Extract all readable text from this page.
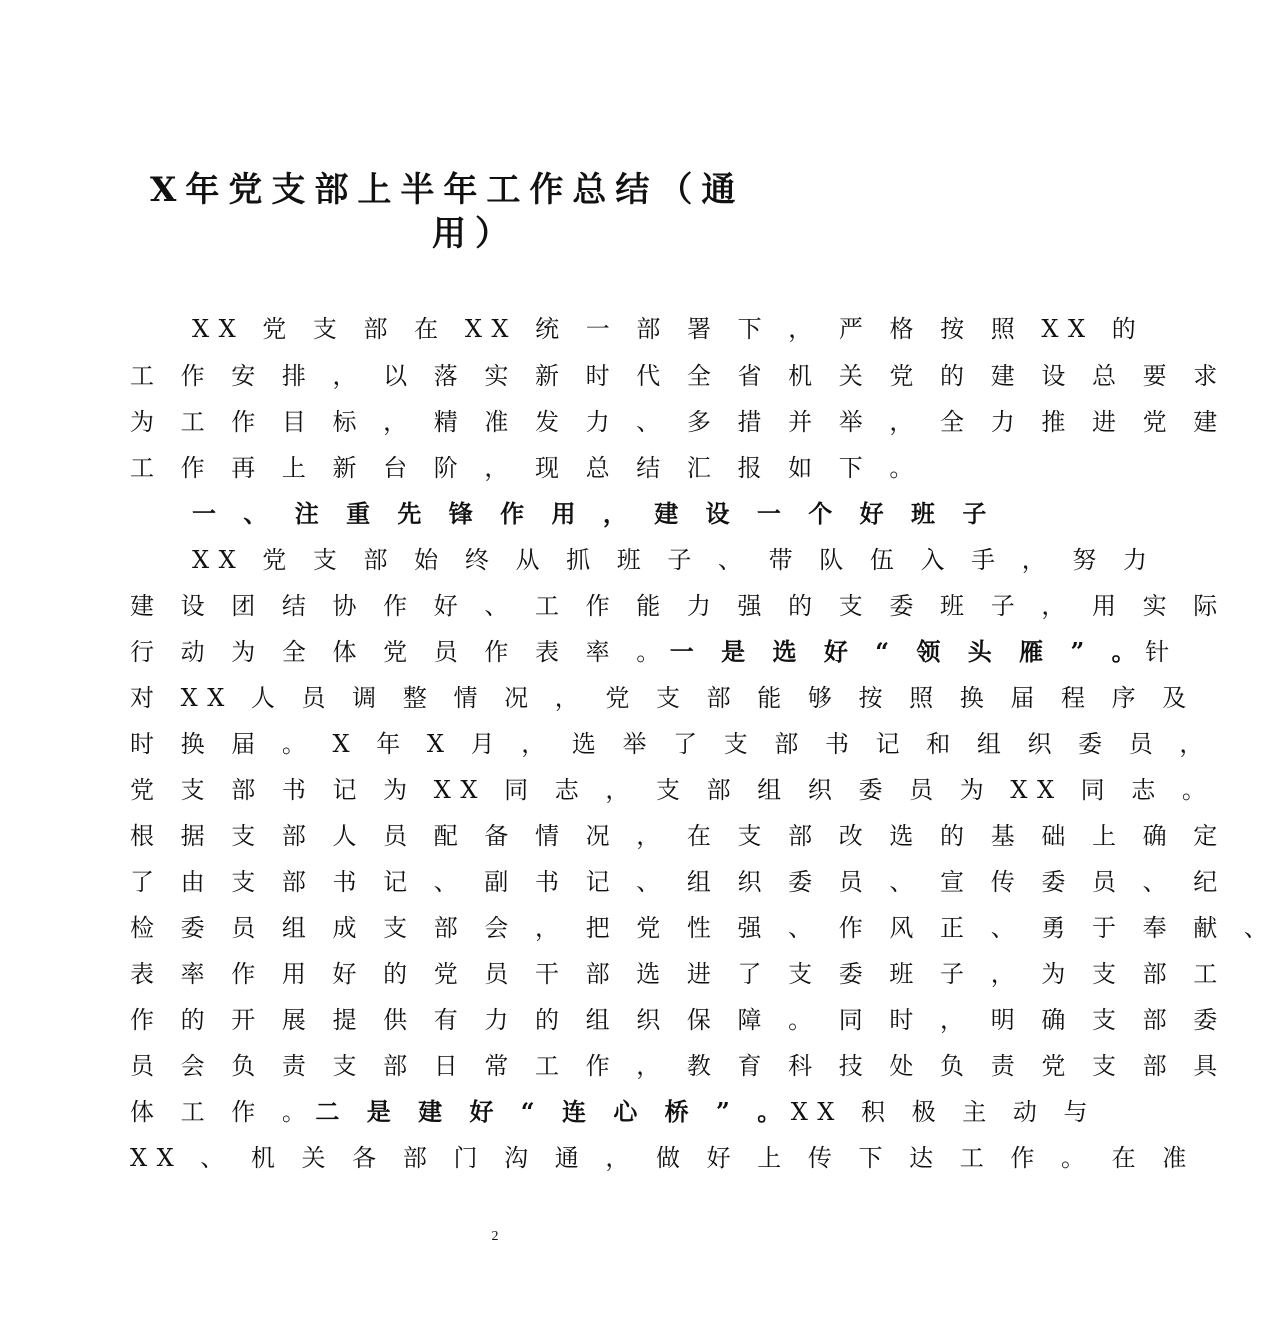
X年党支部上半年工作总结（通
用）
XX 党 支 部 在 XX 统 一 部 署 下 ， 严 格 按 照 XX 的
工 作 安 排 ， 以 落 实 新 时 代 全 省 机 关 党 的 建 设 总 要 求
为 工 作 目 标 ， 精 准 发 力 、 多 措 并 举 ， 全 力 推 进 党 建
工 作 再 上 新 台 阶 ， 现 总 结 汇 报 如 下 。
一 、 注 重 先 锋 作 用 ， 建 设 一 个 好 班 子
XX 党 支 部 始 终 从 抓 班 子 、 带 队 伍 入 手 ， 努 力
建 设 团 结 协 作 好 、 工 作 能 力 强 的 支 委 班 子 ， 用 实 际
行 动 为 全 体 党 员 作 表 率 。一 是 选 好 “ 领 头 雁 ” 。针
对 XX 人 员 调 整 情 况 ， 党 支 部 能 够 按 照 换 届 程 序 及
时 换 届 。 X 年 X 月 ， 选 举 了 支 部 书 记 和 组 织 委 员 ，
党 支 部 书 记 为 XX 同 志 ， 支 部 组 织 委 员 为 XX 同 志 。
根 据 支 部 人 员 配 备 情 况 ， 在 支 部 改 选 的 基 础 上 确 定
了 由 支 部 书 记 、 副 书 记 、 组 织 委 员 、 宣 传 委 员 、 纪
检 委 员 组 成 支 部 会 ， 把 党 性 强 、 作 风 正 、 勇 于 奉 献 、
表 率 作 用 好 的 党 员 干 部 选 进 了 支 委 班 子 ， 为 支 部 工
作 的 开 展 提 供 有 力 的 组 织 保 障 。 同 时 ， 明 确 支 部 委
员 会 负 责 支 部 日 常 工 作 ， 教 育 科 技 处 负 责 党 支 部 具
体 工 作 。二 是 建 好 “ 连 心 桥 ” 。XX 积 极 主 动 与
XX 、 机 关 各 部 门 沟 通 ， 做 好 上 传 下 达 工 作 。 在 准
2
